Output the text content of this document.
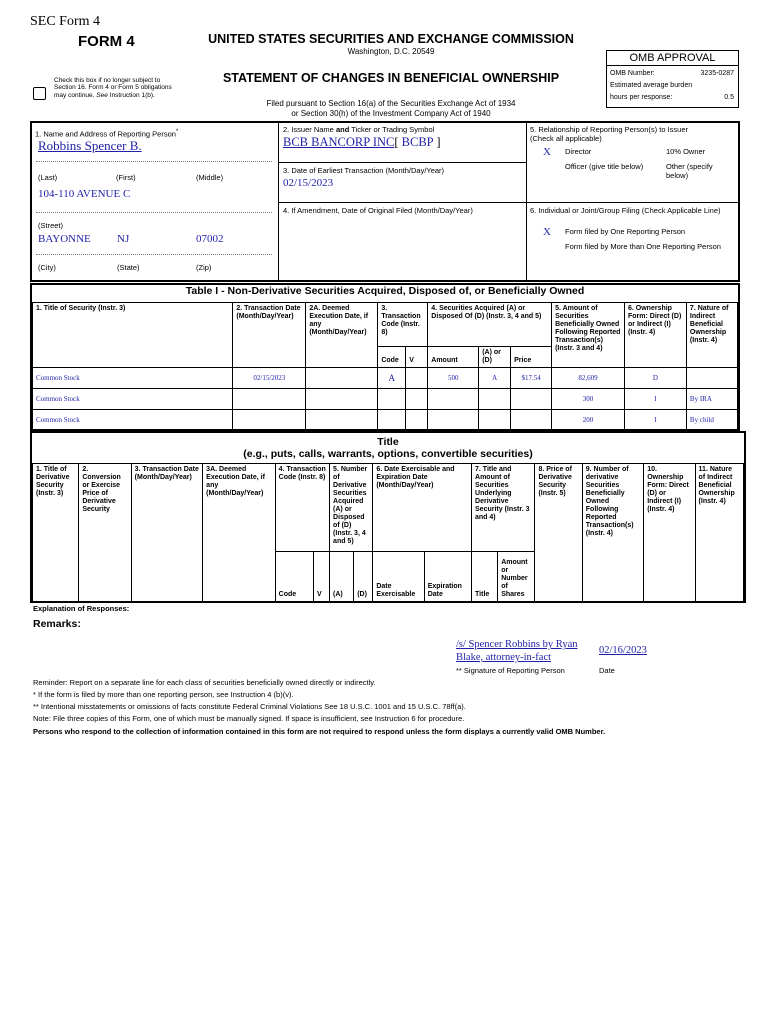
SEC Form 4
FORM 4	UNITED STATES SECURITIES AND EXCHANGE COMMISSION
Washington, D.C. 20549
Check this box if no longer subject to Section 16. Form 4 or Form 5 obligations may continue. See Instruction 1(b).
STATEMENT OF CHANGES IN BENEFICIAL OWNERSHIP
Filed pursuant to Section 16(a) of the Securities Exchange Act of 1934
or Section 30(h) of the Investment Company Act of 1940
OMB APPROVAL
OMB Number:	3235-0287
Estimated average burden
hours per response:	0.5
1. Name and Address of Reporting Person*
Robbins Spencer B.
(Last)	(First)	(Middle)
104-110 AVENUE C
(Street)
BAYONNE NJ	07002
(City)	(State)	(Zip)
2. Issuer Name and Ticker or Trading Symbol
BCB BANCORP INC[ BCBP ]
3. Date of Earliest Transaction (Month/Day/Year)
02/15/2023
4. If Amendment, Date of Original Filed (Month/Day/Year)
5. Relationship of Reporting Person(s) to Issuer
(Check all applicable)
X Director	10% Owner
Officer (give title below)	Other (specify below)
6. Individual or Joint/Group Filing (Check Applicable Line)
X Form filed by One Reporting Person
Form filed by More than One Reporting Person
Table I - Non-Derivative Securities Acquired, Disposed of, or Beneficially Owned
1. Title of Security (Instr. 3)	2. Transaction Date (Month/Day/Year)	2A. Deemed Execution Date, if any (Month/Day/Year)	3. Transaction Code (Instr. 8)		4. Securities Acquired (A) or Disposed Of (D) (Instr. 3, 4 and 5)			5. Amount of Securities Beneficially Owned Following Reported Transaction(s) (Instr. 3 and 4)	6. Ownership Form: Direct (D) or Indirect (I) (Instr. 4)	7. Nature of Indirect Beneficial Ownership (Instr. 4)
			Code	V	Amount	(A) or (D)	Price			
Common Stock	02/15/2023		A		500	A	$17.54	82,609	D	
Common Stock								300	I	By IRA
Common Stock								200	I	By child
Title
(e.g., puts, calls, warrants, options, convertible securities)
1. Title of Derivative Security (Instr. 3)	2. Conversion or Exercise Price of Derivative Security	3. Transaction Date (Month/Day/Year)	3A. Deemed Execution Date, if any (Month/Day/Year)	4. Transaction Code (Instr. 8)		5. Number of Derivative Securities Acquired (A) or Disposed of (D) (Instr. 3, 4 and 5)		6. Date Exercisable and Expiration Date (Month/Day/Year)		7. Title and Amount of Securities Underlying Derivative Security (Instr. 3 and 4)		8. Price of Derivative Security (Instr. 5)	9. Number of derivative Securities Beneficially Owned Following Reported Transaction(s) (Instr. 4)	10. Ownership Form: Direct (D) or Indirect (I) (Instr. 4)	11. Nature of Indirect Beneficial Ownership (Instr. 4)
				Code	V	(A)	(D)	Date Exercisable	Expiration Date	Title	Amount or Number of Shares				
Explanation of Responses:
Remarks:
/s/ Spencer Robbins by Ryan Blake, attorney-in-fact
02/16/2023
** Signature of Reporting Person	Date
Reminder: Report on a separate line for each class of securities beneficially owned directly or indirectly.
* If the form is filed by more than one reporting person, see Instruction 4 (b)(v).
** Intentional misstatements or omissions of facts constitute Federal Criminal Violations See 18 U.S.C. 1001 and 15 U.S.C. 78ff(a).
Note: File three copies of this Form, one of which must be manually signed. If space is insufficient, see Instruction 6 for procedure.
Persons who respond to the collection of information contained in this form are not required to respond unless the form displays a currently valid OMB Number.
